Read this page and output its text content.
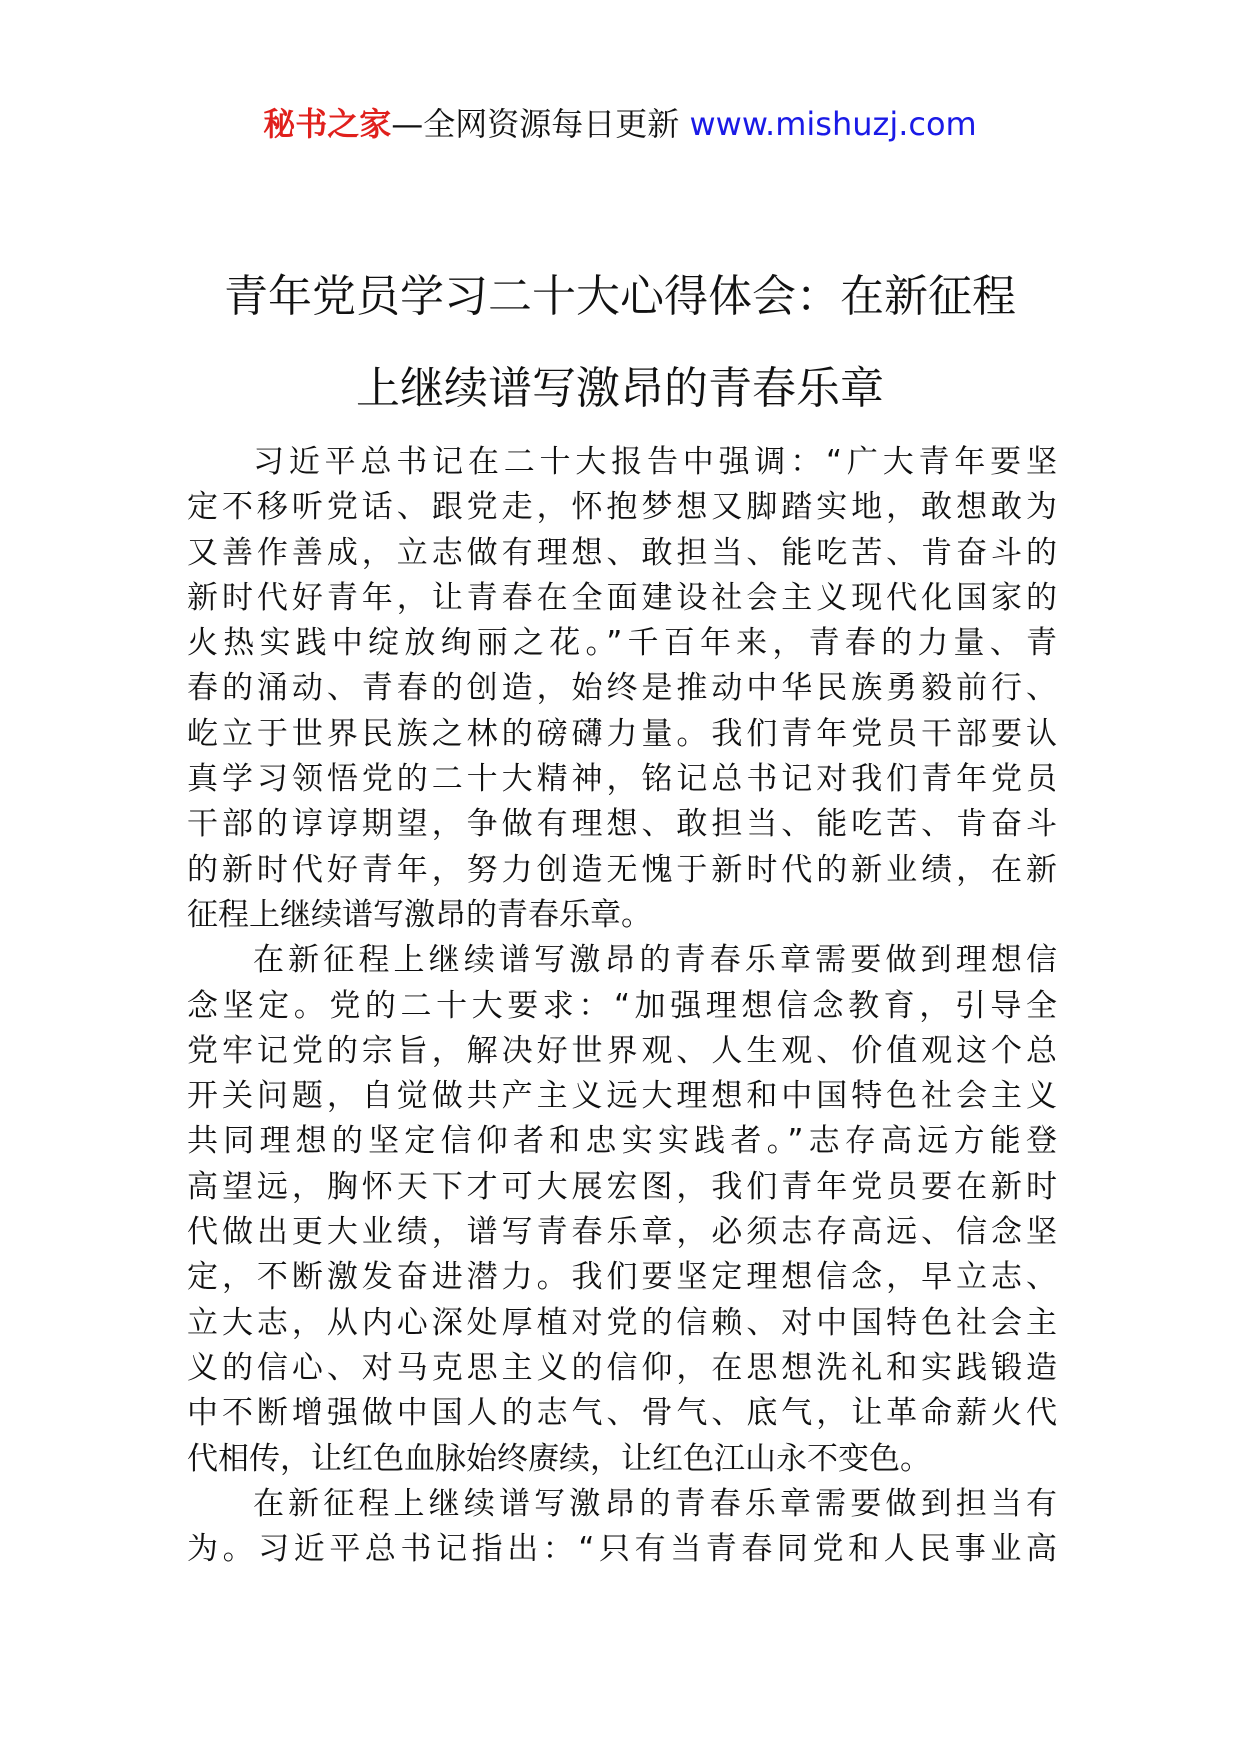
秘书之家—全网资源每日更新 www.mishuzj.com
青年党员学习二十大心得体会：在新征程
上继续谱写激昂的青春乐章
习近平总书记在二十大报告中强调：“广大青年要坚
定不移听党话、跟党走，怀抱梦想又脚踏实地，敢想敢为
又善作善成，立志做有理想、敢担当、能吃苦、肯奋斗的
新时代好青年，让青春在全面建设社会主义现代化国家的
火热实践中绽放绚丽之花。”千百年来，青春的力量、青
春的涌动、青春的创造，始终是推动中华民族勇毅前行、
屹立于世界民族之林的磅礴力量。我们青年党员干部要认
真学习领悟党的二十大精神，铭记总书记对我们青年党员
干部的谆谆期望，争做有理想、敢担当、能吃苦、肯奋斗
的新时代好青年，努力创造无愧于新时代的新业绩，在新
征程上继续谱写激昂的青春乐章。
在新征程上继续谱写激昂的青春乐章需要做到理想信
念坚定。党的二十大要求：“加强理想信念教育，引导全
党牢记党的宗旨，解决好世界观、人生观、价值观这个总
开关问题，自觉做共产主义远大理想和中国特色社会主义
共同理想的坚定信仰者和忠实实践者。”志存高远方能登
高望远，胸怀天下才可大展宏图，我们青年党员要在新时
代做出更大业绩，谱写青春乐章，必须志存高远、信念坚
定，不断激发奋进潜力。我们要坚定理想信念，早立志、
立大志，从内心深处厚植对党的信赖、对中国特色社会主
义的信心、对马克思主义的信仰，在思想洗礼和实践锻造
中不断增强做中国人的志气、骨气、底气，让革命薪火代
代相传，让红色血脉始终赓续，让红色江山永不变色。
在新征程上继续谱写激昂的青春乐章需要做到担当有
为。习近平总书记指出：“只有当青春同党和人民事业高
